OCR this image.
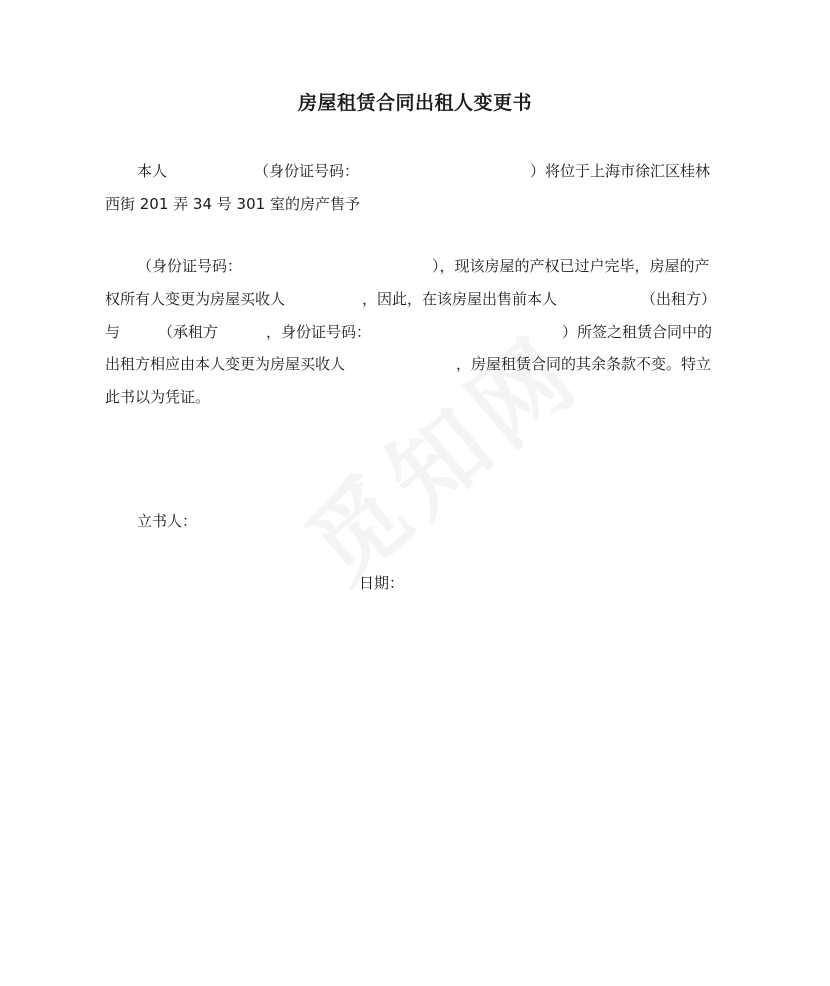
房屋租赁合同出租人变更书
本人	（身份证号码：	）将位于上海市徐汇区桂林
西街 201 弄 34 号 301 室的房产售予
（身份证号码：	），现该房屋的产权已过户完毕，房屋的产
权所有人变更为房屋买收人	，因此，在该房屋出售前本人	（出租方）
与	（承租方	，身份证号码：	）所签之租赁合同中的
出租方相应由本人变更为房屋买收人	，房屋租赁合同的其余条款不变。特立
此书以为凭证。
立书人：
日期：
